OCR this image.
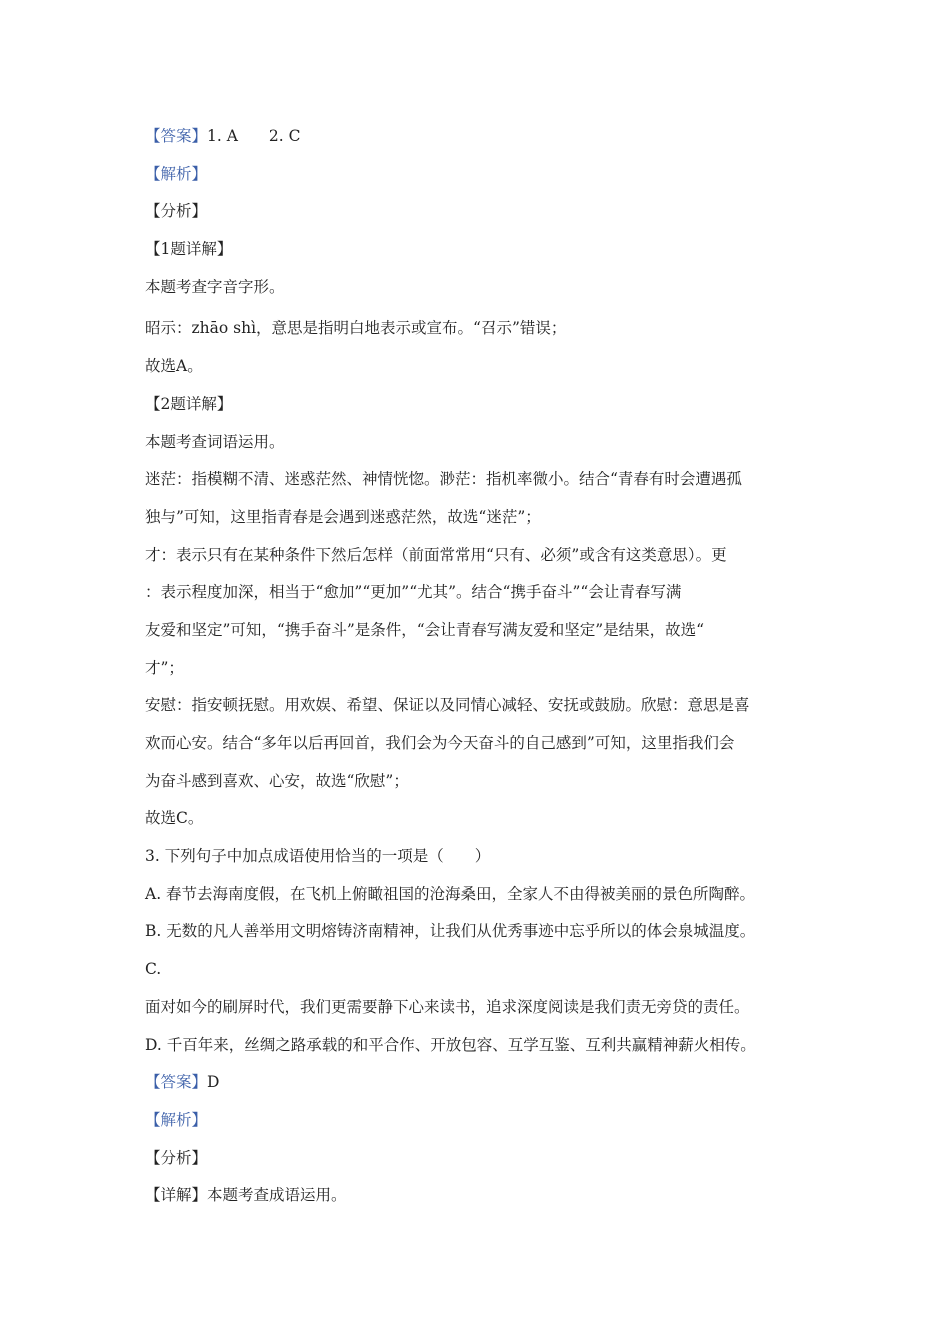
【答案】1. A　　2. C
【解析】
【分析】
【1题详解】
本题考查字音字形。
昭示：zhāo shì，意思是指明白地表示或宣布。“召示”错误；
故选A。
【2题详解】
本题考查词语运用。
迷茫：指模糊不清、迷惑茫然、神情恍惚。渺茫：指机率微小。结合“青春有时会遭遇孤
独与”可知，这里指青春是会遇到迷惑茫然，故选“迷茫”；
才：表示只有在某种条件下然后怎样（前面常常用“只有、必须”或含有这类意思）。更
：表示程度加深，相当于“愈加”“更加”“尤其”。结合“携手奋斗”“会让青春写满
友爱和坚定”可知，“携手奋斗”是条件，“会让青春写满友爱和坚定”是结果，故选“
才”；
安慰：指安顿抚慰。用欢娱、希望、保证以及同情心减轻、安抚或鼓励。欣慰：意思是喜
欢而心安。结合“多年以后再回首，我们会为今天奋斗的自己感到”可知，这里指我们会
为奋斗感到喜欢、心安，故选“欣慰”；
故选C。
3. 下列句子中加点成语使用恰当的一项是（　　）
A. 春节去海南度假，在飞机上俯瞰祖国的沧海桑田，全家人不由得被美丽的景色所陶醉。
B. 无数的凡人善举用文明熔铸济南精神，让我们从优秀事迹中忘乎所以的体会泉城温度。
C.
面对如今的刷屏时代，我们更需要静下心来读书，追求深度阅读是我们责无旁贷的责任。
D. 千百年来，丝绸之路承载的和平合作、开放包容、互学互鉴、互利共赢精神薪火相传。
【答案】D
【解析】
【分析】
【详解】本题考查成语运用。
